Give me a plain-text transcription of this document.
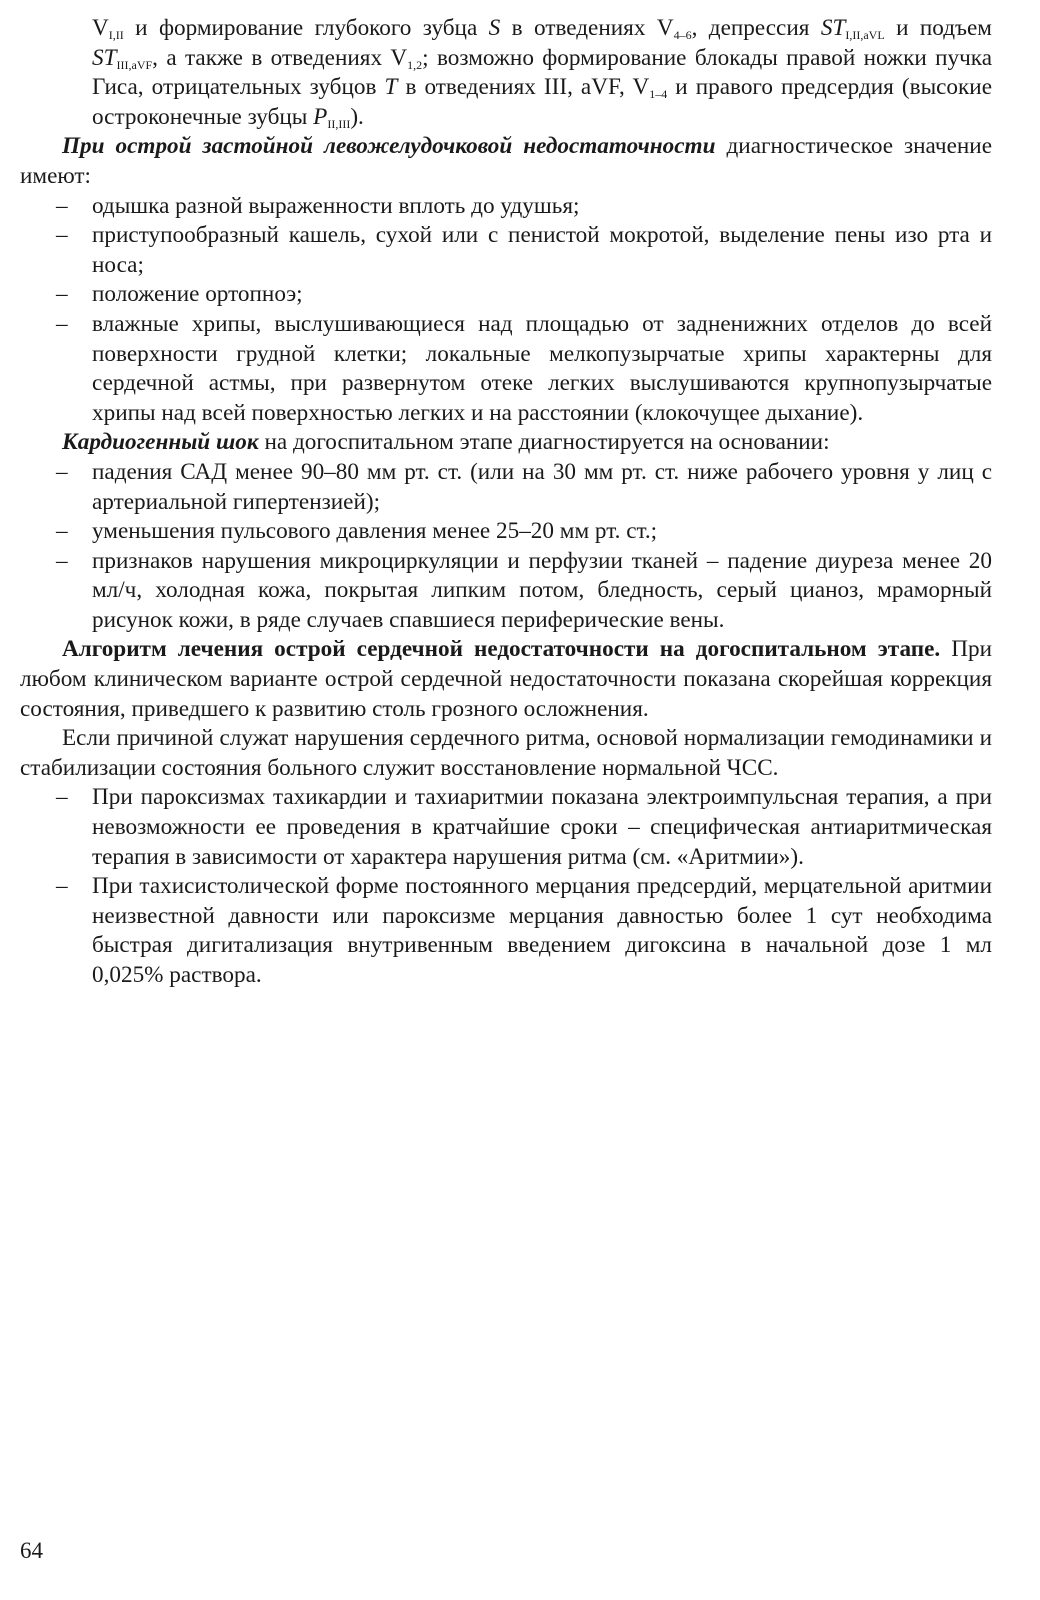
$V_{I,II}$ и формирование глубокого зубца S в отведениях $V_{4-6}$, депрессия $ST_{I,II,aVL}$ и подъем $ST_{III,aVF}$, а также в отведениях $V_{1,2}$; возможно формирование блокады правой ножки пучка Гиса, отрицательных зубцов T в отведениях III, aVF, $V_{1-4}$ и правого предсердия (высокие остроконечные зубцы $P_{II,III}$).

При острой застойной левожелудочковой недостаточности диагностическое значение имеют:

– одышка разной выраженности вплоть до удушья;
– приступообразный кашель, сухой или с пенистой мокротой, выделение пены изо рта и носа;
– положение ортопноэ;
– влажные хрипы, выслушивающиеся над площадью от задненижних отделов до всей поверхности грудной клетки; локальные мелкопузырчатые хрипы характерны для сердечной астмы, при развернутом отеке легких выслушиваются крупнопузырчатые хрипы над всей поверхностью легких и на расстоянии (клокочущее дыхание).

Кардиогенный шок на догоспитальном этапе диагностируется на основании:

– падения САД менее 90–80 мм рт. ст. (или на 30 мм рт. ст. ниже рабочего уровня у лиц с артериальной гипертензией);
– уменьшения пульсового давления менее 25–20 мм рт. ст.;
– признаков нарушения микроциркуляции и перфузии тканей – падение диуреза менее 20 мл/ч, холодная кожа, покрытая липким потом, бледность, серый цианоз, мраморный рисунок кожи, в ряде случаев спавшиеся периферические вены.

Алгоритм лечения острой сердечной недостаточности на догоспитальном этапе. При любом клиническом варианте острой сердечной недостаточности показана скорейшая коррекция состояния, приведшего к развитию столь грозного осложнения.

Если причиной служат нарушения сердечного ритма, основой нормализации гемодинамики и стабилизации состояния больного служит восстановление нормальной ЧСС.

– При пароксизмах тахикардии и тахиаритмии показана электроимпульсная терапия, а при невозможности ее проведения в кратчайшие сроки – специфическая антиаритмическая терапия в зависимости от характера нарушения ритма (см. «Аритмии»).
– При тахисистолической форме постоянного мерцания предсердий, мерцательной аритмии неизвестной давности или пароксизме мерцания давностью более 1 сут необходима быстрая дигитализация внутривенным введением дигоксина в начальной дозе 1 мл 0,025% раствора.
64
